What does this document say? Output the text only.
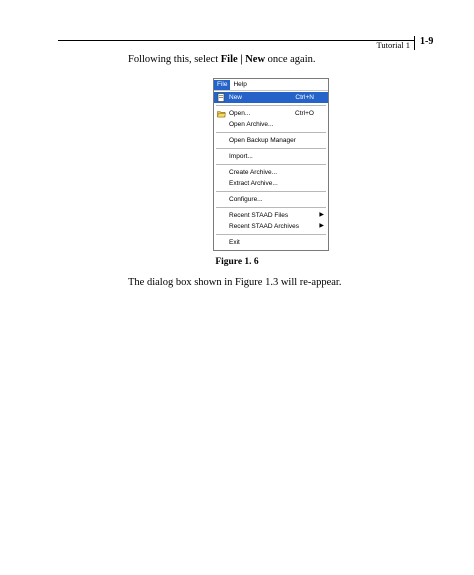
Tutorial 1 1-9
Following this, select File | New once again.
File Help
New	Ctrl+N
Open...	Ctrl+O
Open Archive...
Open Backup Manager
Import...
Create Archive...
Extract Archive...
Configure...
Recent STAAD Files	▶
Recent STAAD Archives	▶
Exit
Figure 1. 6
The dialog box shown in Figure 1.3 will re-appear.
